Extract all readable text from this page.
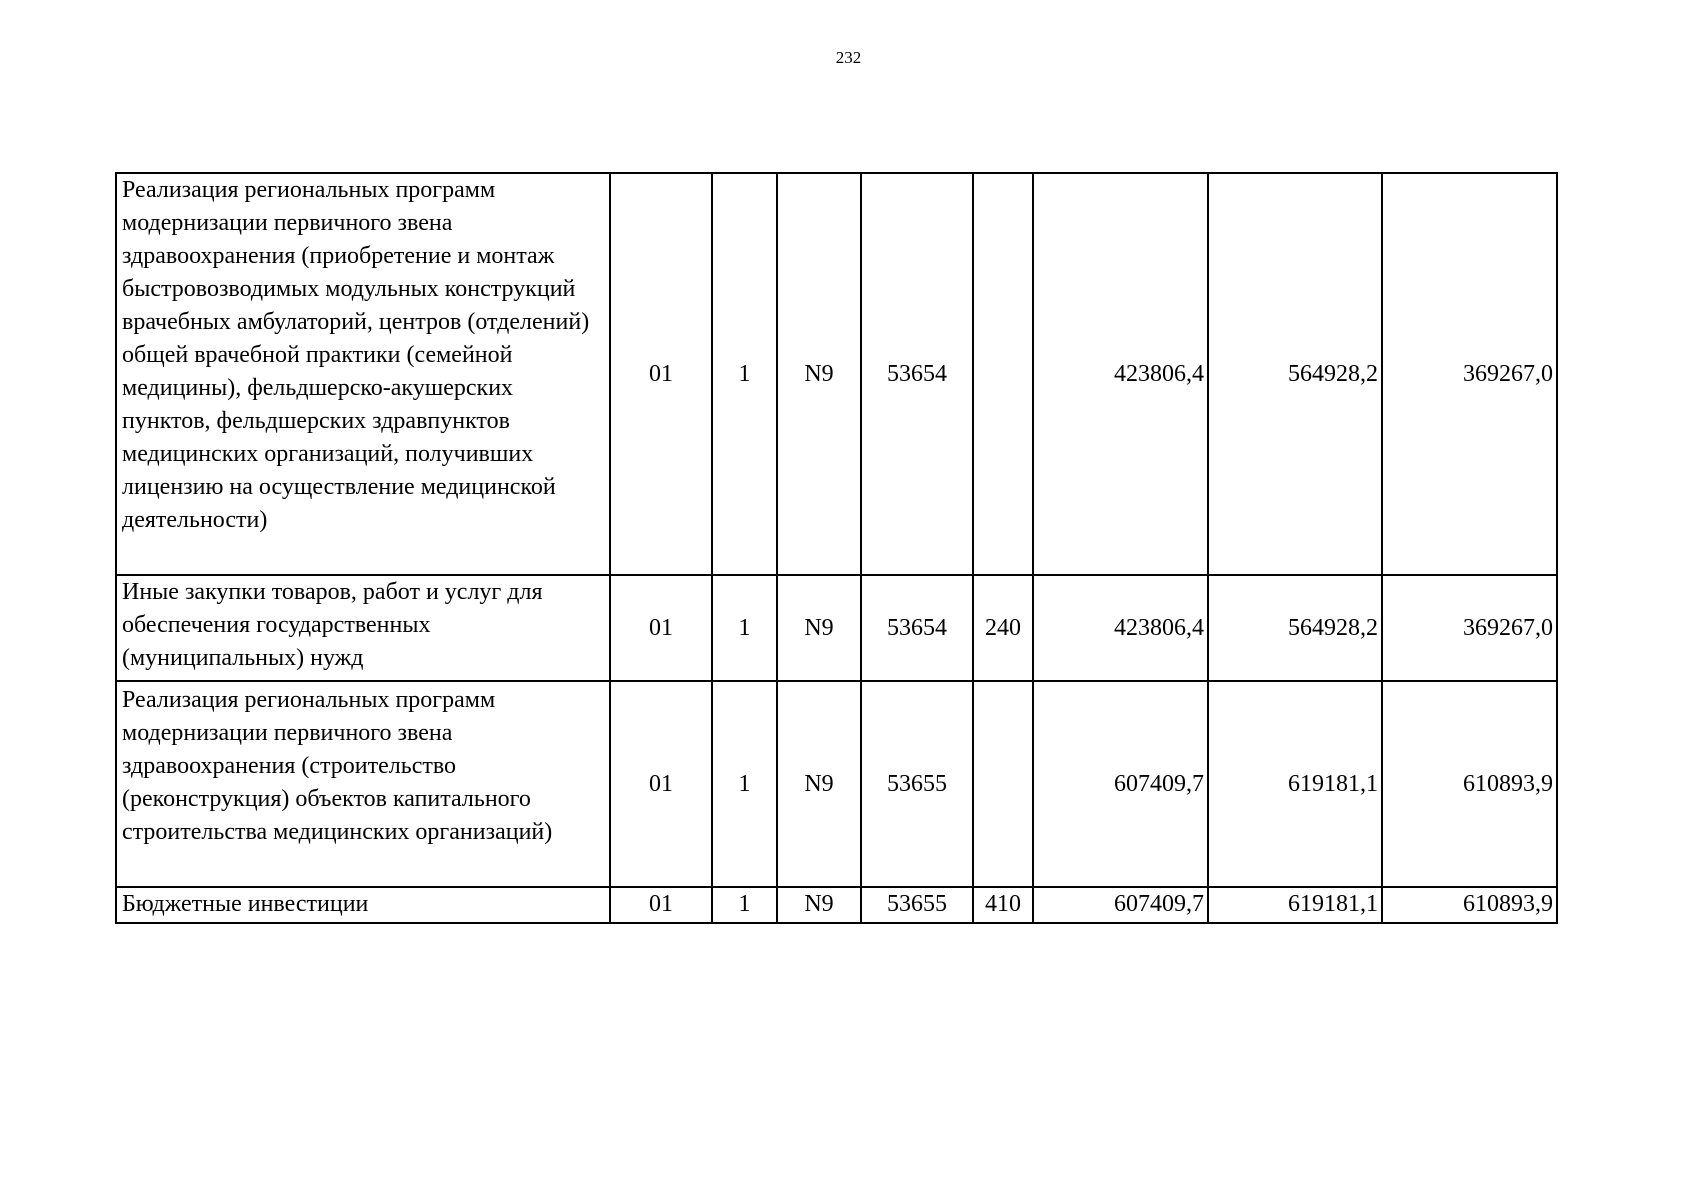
232
Реализация региональных программ модернизации первичного звена здравоохранения (приобретение и монтаж быстровозводимых модульных конструкций врачебных амбулаторий, центров (отделений) общей врачебной практики (семейной медицины), фельдшерско-акушерских пунктов, фельдшерских здравпунктов медицинских организаций, получивших лицензию на осуществление медицинской деятельности)	01	1	N9	53654		423806,4	564928,2	369267,0
Иные закупки товаров, работ и услуг для обеспечения государственных (муниципальных) нужд	01	1	N9	53654	240	423806,4	564928,2	369267,0
Реализация региональных программ модернизации первичного звена здравоохранения (строительство (реконструкция) объектов капитального строительства медицинских организаций)	01	1	N9	53655		607409,7	619181,1	610893,9
Бюджетные инвестиции	01	1	N9	53655	410	607409,7	619181,1	610893,9
